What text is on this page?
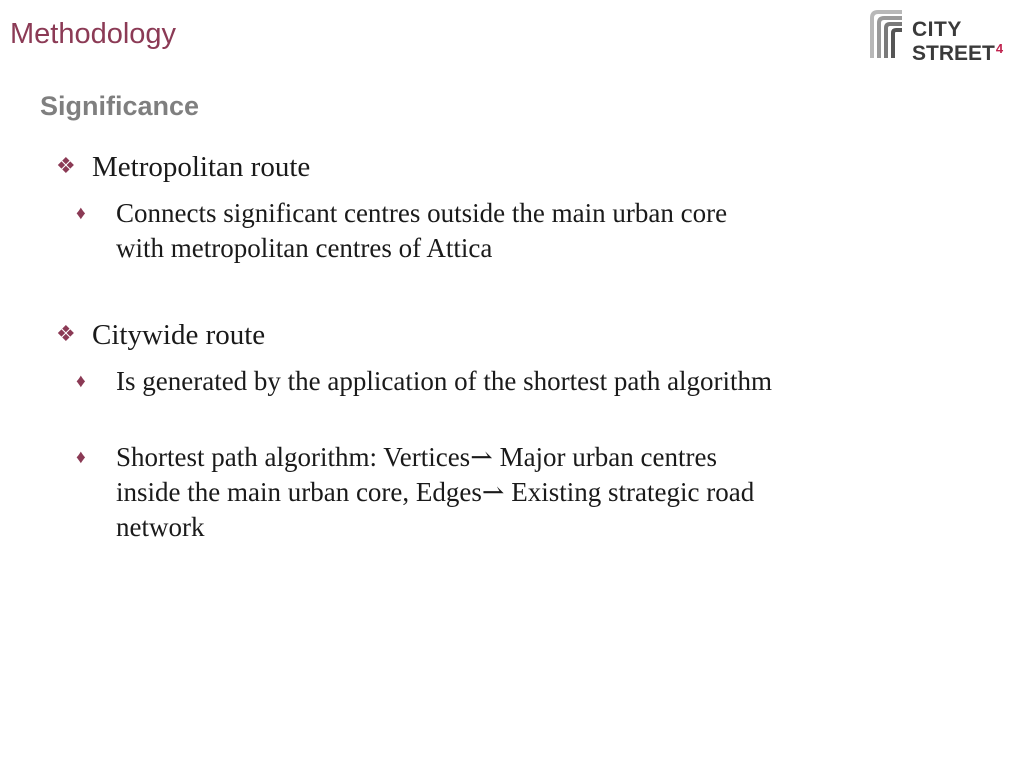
Methodology	CITY
STREET$^4$
Significance
❖ Metropolitan route
♦ Connects significant centres outside the main urban core with metropolitan centres of Attica
❖ Citywide route
♦ Is generated by the application of the shortest path algorithm
♦ Shortest path algorithm: Vertices⇀ Major urban centres inside the main urban core, Edges⇀ Existing strategic road network
